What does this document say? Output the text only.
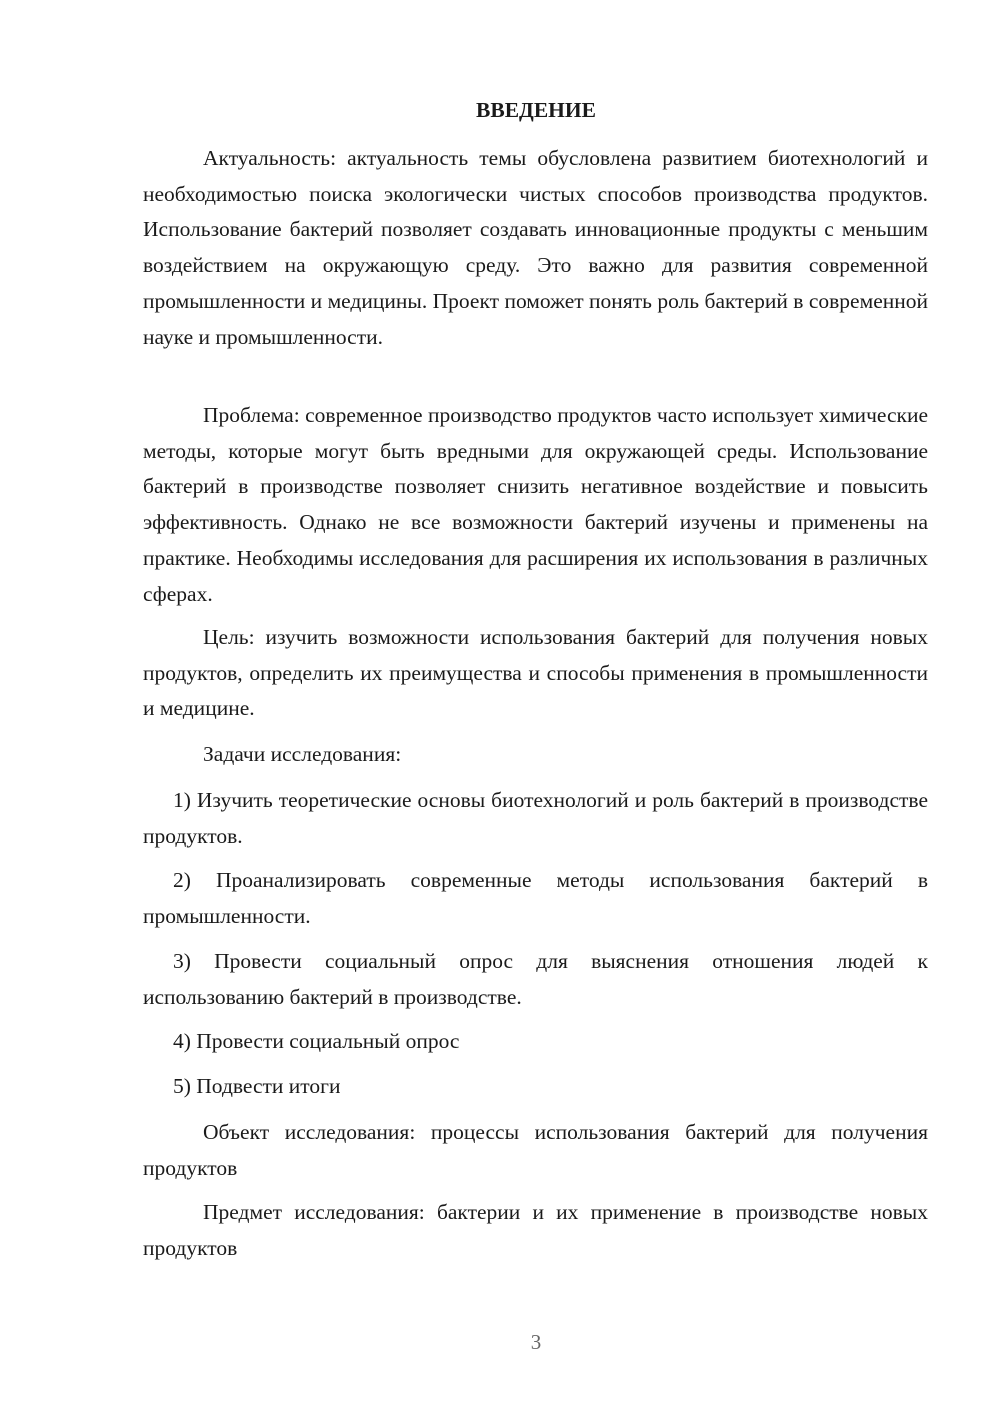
ВВЕДЕНИЕ

Актуальность: актуальность темы обусловлена развитием биотехнологий и необходимостью поиска экологически чистых способов производства продуктов. Использование бактерий позволяет создавать инновационные продукты с меньшим воздействием на окружающую среду. Это важно для развития современной промышленности и медицины. Проект поможет понять роль бактерий в современной науке и промышленности.

Проблема: современное производство продуктов часто использует химические методы, которые могут быть вредными для окружающей среды. Использование бактерий в производстве позволяет снизить негативное воздействие и повысить эффективность. Однако не все возможности бактерий изучены и применены на практике. Необходимы исследования для расширения их использования в различных сферах.

Цель: изучить возможности использования бактерий для получения новых продуктов, определить их преимущества и способы применения в промышленности и медицине.

Задачи исследования:

1) Изучить теоретические основы биотехнологий и роль бактерий в производстве продуктов.

2) Проанализировать современные методы использования бактерий в промышленности.

3) Провести социальный опрос для выяснения отношения людей к использованию бактерий в производстве.

4) Провести социальный опрос

5) Подвести итоги

Объект исследования: процессы использования бактерий для получения продуктов

Предмет исследования: бактерии и их применение в производстве новых продуктов

3
